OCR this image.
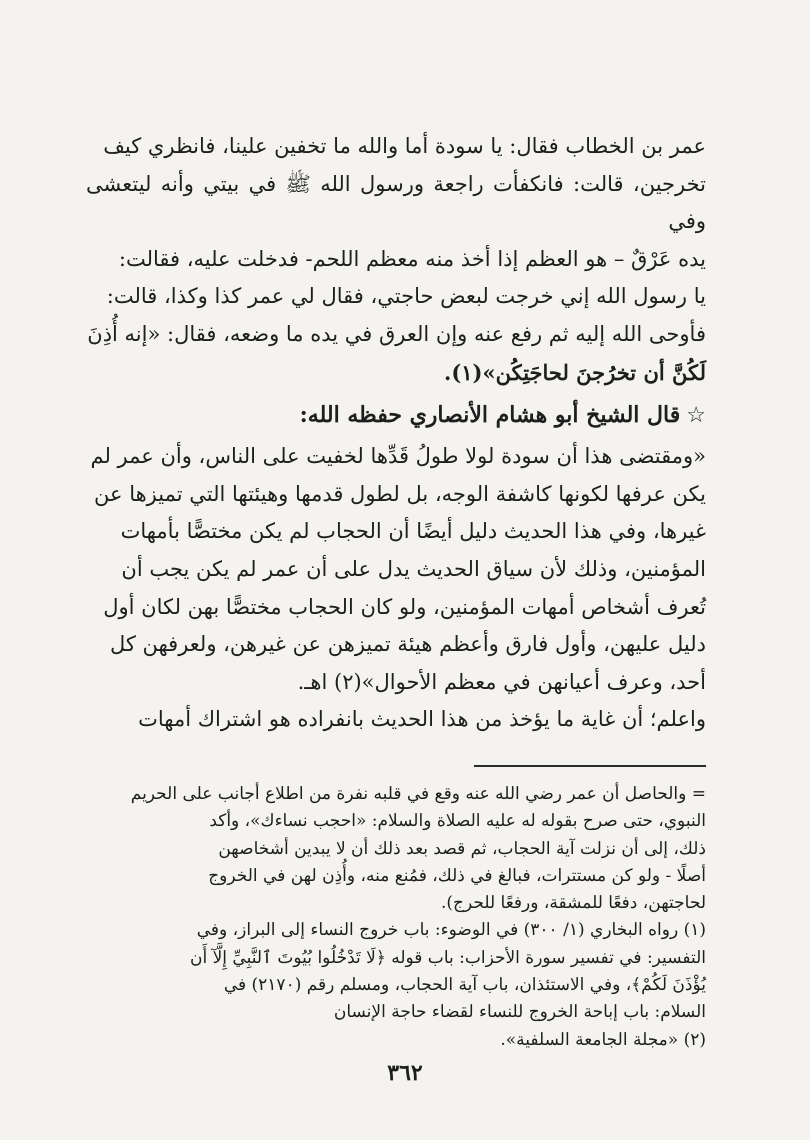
عمر بن الخطاب فقال: يا سودة أما والله ما تخفين علينا، فانظري كيف

تخرجين، قالت: فانكفأت راجعة ورسول الله ﷺ في بيتي وأنه ليتعشى وفي

يده عَرْقٌ – هو العظم إذا أخذ منه معظم اللحم- فدخلت عليه، فقالت:

يا رسول الله إني خرجت لبعض حاجتي، فقال لي عمر كذا وكذا، قالت:

فأوحى الله إليه ثم رفع عنه وإن العرق في يده ما وضعه، فقال: «إنه أُذِنَ

لَكُنَّ أن تخرُجنَ لحاجَتِكُن»(١).

☆قال الشيخ أبو هشام الأنصاري حفظه الله:

«ومقتضى هذا أن سودة لولا طولُ قَدِّها لخفيت على الناس، وأن عمر لم

يكن عرفها لكونها كاشفة الوجه، بل لطول قدمها وهيئتها التي تميزها عن

غيرها، وفي هذا الحديث دليل أيضًا أن الحجاب لم يكن مختصًّا بأمهات

المؤمنين، وذلك لأن سياق الحديث يدل على أن عمر لم يكن يجب أن

تُعرف أشخاص أمهات المؤمنين، ولو كان الحجاب مختصًّا بهن لكان أول

دليل عليهن، وأول فارق وأعظم هيئة تميزهن عن غيرهن، ولعرفهن كل

أحد، وعرف أعيانهن في معظم الأحوال»(٢) اهـ.

واعلم؛ أن غاية ما يؤخذ من هذا الحديث بانفراده هو اشتراك أمهات

= والحاصل أن عمر رضي الله عنه وقع في قلبه نفرة من اطلاع أجانب على الحريم

النبوي، حتى صرح بقوله له عليه الصلاة والسلام: «احجب نساءك»، وأكد

ذلك، إلى أن نزلت آية الحجاب، ثم قصد بعد ذلك أن لا يبدين أشخاصهن

أصلًا - ولو كن مستترات، فبالغ في ذلك، فمُنع منه، وأُذِن لهن في الخروج

لحاجتهن، دفعًا للمشقة، ورفعًا للحرج).

(١) رواه البخاري (١/ ٣٠٠) في الوضوء: باب خروج النساء إلى البراز، وفي

التفسير: في تفسير سورة الأحزاب: باب قوله ﴿لَا تَدْخُلُوا بُيُوتَ ٱلنَّبِيِّ إِلَّآ أَن

يُؤْذَنَ لَكُمْ﴾، وفي الاستئذان، باب آية الحجاب، ومسلم رقم (٢١٧٠) في

السلام: باب إباحة الخروج للنساء لقضاء حاجة الإنسان

(٢) «مجلة الجامعة السلفية».

٣٦٢
